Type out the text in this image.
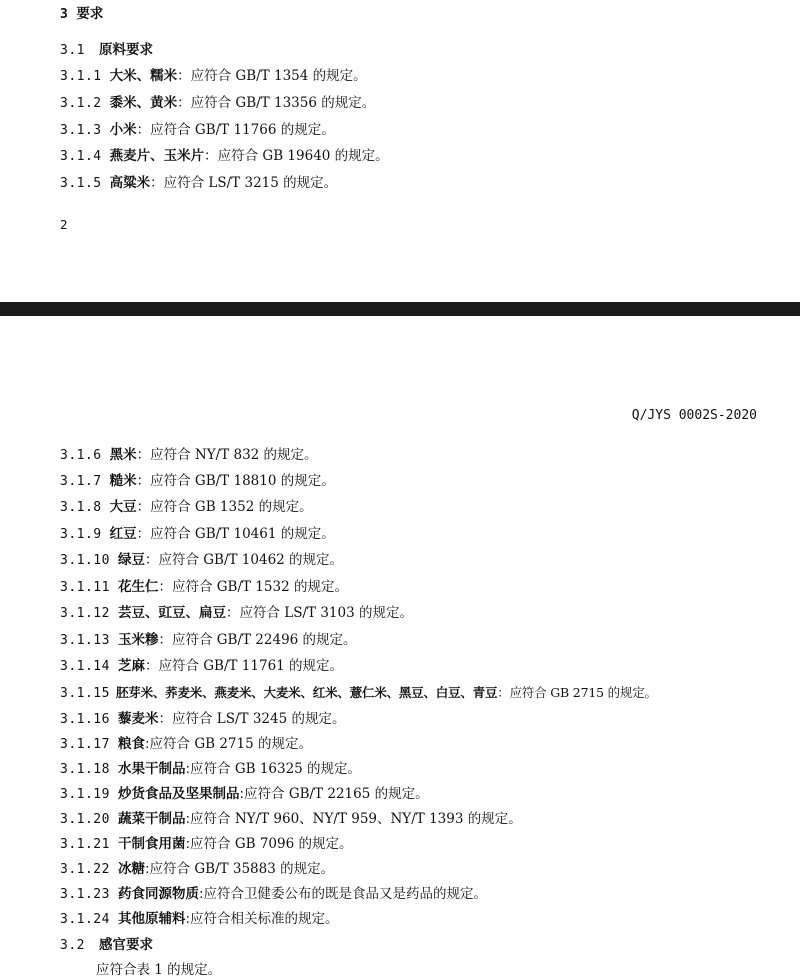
3 要求
3.1 原料要求
3.1.1 大米、糯米：应符合 GB/T 1354 的规定。
3.1.2 黍米、黄米：应符合 GB/T 13356 的规定。
3.1.3 小米：应符合 GB/T 11766 的规定。
3.1.4 燕麦片、玉米片：应符合 GB 19640 的规定。
3.1.5 高粱米：应符合 LS/T 3215 的规定。
2
Q/JYS 0002S-2020
3.1.6 黑米：应符合 NY/T 832 的规定。
3.1.7 糙米：应符合 GB/T 18810 的规定。
3.1.8 大豆：应符合 GB 1352 的规定。
3.1.9 红豆：应符合 GB/T 10461 的规定。
3.1.10 绿豆：应符合 GB/T 10462 的规定。
3.1.11 花生仁：应符合 GB/T 1532 的规定。
3.1.12 芸豆、豇豆、扁豆：应符合 LS/T 3103 的规定。
3.1.13 玉米糁：应符合 GB/T 22496 的规定。
3.1.14 芝麻：应符合 GB/T 11761 的规定。
3.1.15 胚芽米、荞麦米、燕麦米、大麦米、红米、薏仁米、黑豆、白豆、青豆：应符合 GB 2715 的规定。
3.1.16 藜麦米：应符合 LS/T 3245 的规定。
3.1.17 粮食:应符合 GB 2715 的规定。
3.1.18 水果干制品:应符合 GB 16325 的规定。
3.1.19 炒货食品及坚果制品:应符合 GB/T 22165 的规定。
3.1.20 蔬菜干制品:应符合 NY/T 960、NY/T 959、NY/T 1393 的规定。
3.1.21 干制食用菌:应符合 GB 7096 的规定。
3.1.22 冰糖:应符合 GB/T 35883 的规定。
3.1.23 药食同源物质:应符合卫健委公布的既是食品又是药品的规定。
3.1.24 其他原辅料:应符合相关标准的规定。
3.2 感官要求
应符合表 1 的规定。
